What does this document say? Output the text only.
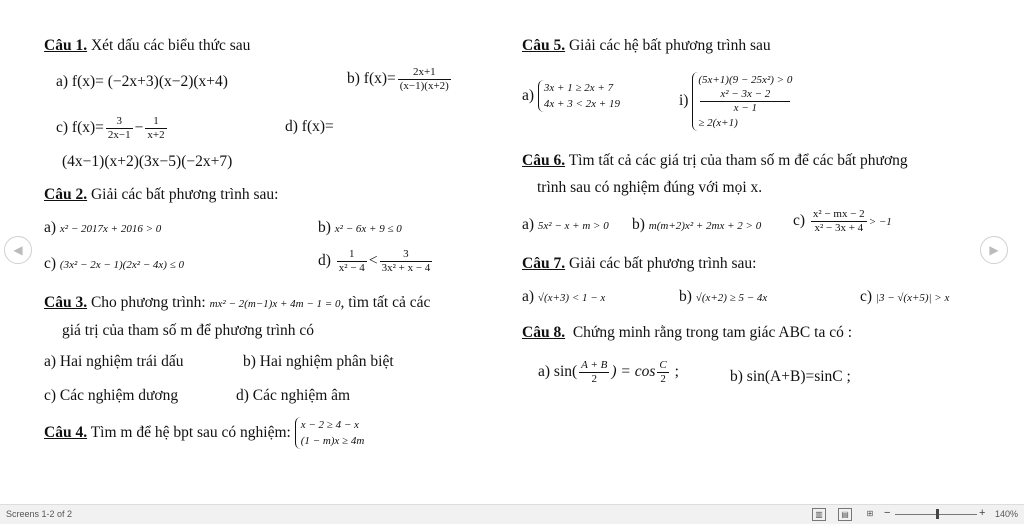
Câu 1. Xét dấu các biểu thức sau
a) f(x)= (−2x+3)(x−2)(x+4)	b) $f(x)= \frac{2x+1}{(x-1)(x+2)}$
c) $f(x)= \frac{3}{2x-1} - \frac{1}{x+2}$	d) f(x)=
(4x−1)(x+2)(3x−5)(−2x+7)
Câu 2. Giải các bất phương trình sau:
a) x² − 2017x + 2016 > 0	b) x² − 6x + 9 ≤ 0
c) (3x² − 2x − 1)(2x² − 4x) ≤ 0	$d) \frac{1}{\text{x² − 4}} < \frac{3}{\text{3x² + x − 4}}$
Câu 3. Cho phương trình: mx² − 2(m−1)x + 4m − 1 = 0, tìm tất cả các
giá trị của tham số m để phương trình có
a) Hai nghiệm trái dấu	b) Hai nghiệm phân biệt
c) Các nghiệm dương	d) Các nghiệm âm
Câu 4. Tìm m để hệ bpt sau có nghiệm: x − 2 ≥ 4 − x
(1 − m)x ≥ 4m
Câu 5. Giải các hệ bất phương trình sau
a) 3x + 1 ≥ 2x + 7
4x + 3 < 2x + 19	i)
(5x+1)(9 − 25x²) > 0
x² − 3x − 2
x − 1
≥ 2(x+1)
Câu 6. Tìm tất cả các giá trị của tham số m để các bất phương
trình sau có nghiệm đúng với mọi x.
a) 5x² − x + m > 0 b) m(m+2)x² + 2mx + 2 > 0 $c) \frac{\text{x² − mx − 2}}{\text{x² − 3x + 4}} > -1$
Câu 7. Giải các bất phương trình sau:
a) √(x+3) < 1 − x	b) √(x+2) ≥ 5 − 4x	c) |3 − √(x+5)| > x
Câu 8. Chứng minh rằng trong tam giác ABC ta có :
a) $\sin( \frac{A + B}{2}$ ) = $\cos \frac{C}{2}$ ;	b) sin(A+B)=sinC ;
◀	▶
Screens 1-2 of 2	▥	▤	⊞ −	+ 140%
